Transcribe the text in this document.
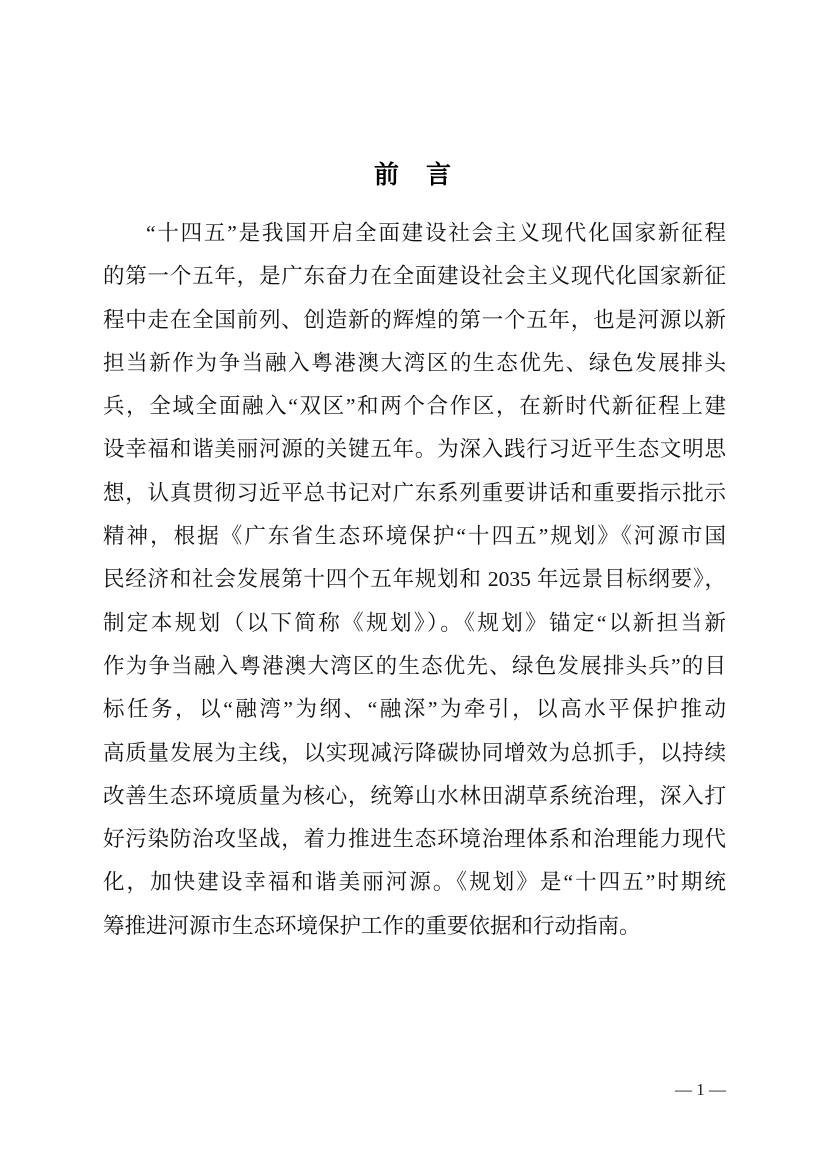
前　言
“十四五”是我国开启全面建设社会主义现代化国家新征程
的第一个五年，是广东奋力在全面建设社会主义现代化国家新征
程中走在全国前列、创造新的辉煌的第一个五年，也是河源以新
担当新作为争当融入粤港澳大湾区的生态优先、绿色发展排头
兵，全域全面融入“双区”和两个合作区，在新时代新征程上建
设幸福和谐美丽河源的关键五年。为深入践行习近平生态文明思
想，认真贯彻习近平总书记对广东系列重要讲话和重要指示批示
精神，根据《广东省生态环境保护“十四五”规划》《河源市国
民经济和社会发展第十四个五年规划和 2035 年远景目标纲要》，
制定本规划（以下简称《规划》）。《规划》锚定“以新担当新
作为争当融入粤港澳大湾区的生态优先、绿色发展排头兵”的目
标任务，以“融湾”为纲、“融深”为牵引，以高水平保护推动
高质量发展为主线，以实现减污降碳协同增效为总抓手，以持续
改善生态环境质量为核心，统筹山水林田湖草系统治理，深入打
好污染防治攻坚战，着力推进生态环境治理体系和治理能力现代
化，加快建设幸福和谐美丽河源。《规划》是“十四五”时期统
筹推进河源市生态环境保护工作的重要依据和行动指南。
— 1 —
